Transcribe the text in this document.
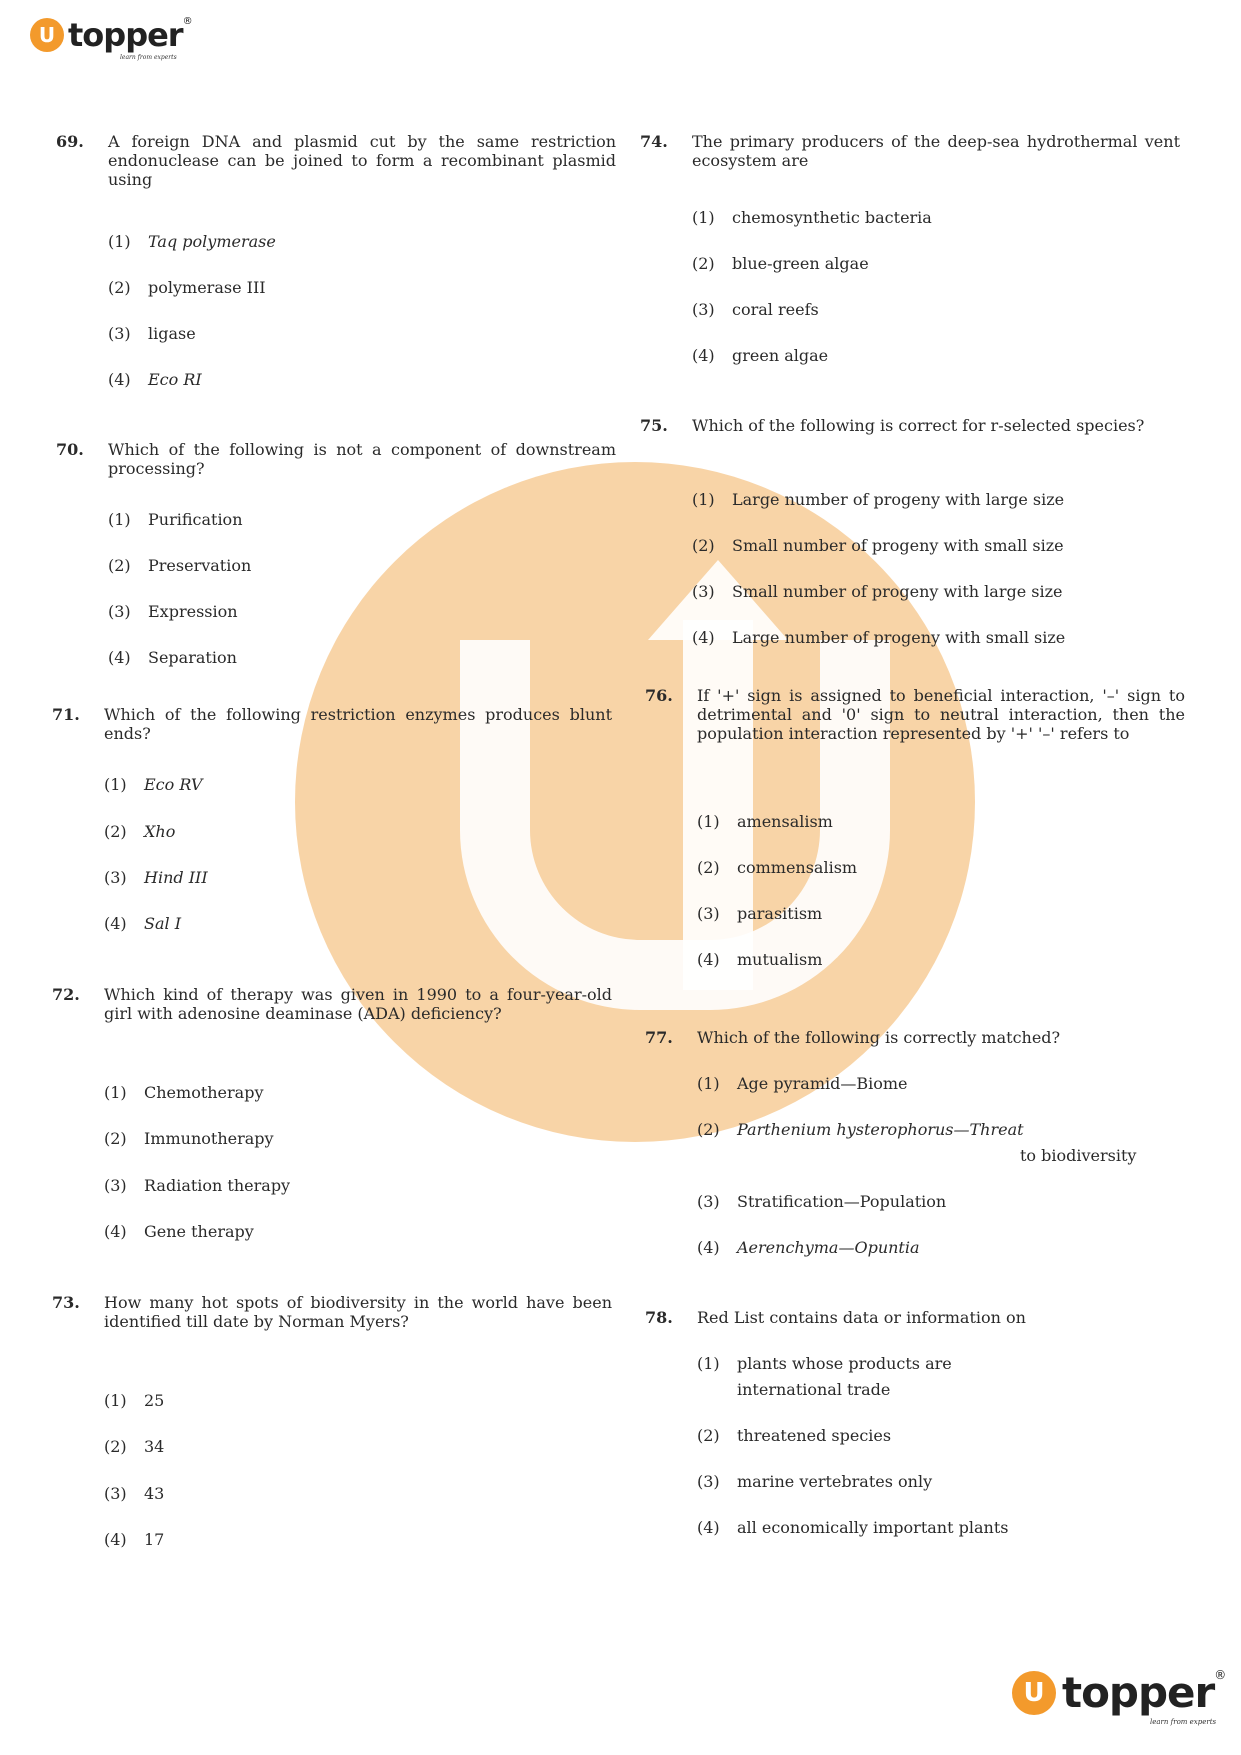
U topper ®
learn from experts
U topper ®
learn from experts
69. A foreign DNA and plasmid cut by the same restriction endonuclease can be joined to form a recombinant plasmid using
(1) Taq polymerase
(2) polymerase III
(3) ligase
(4) Eco RI
70. Which of the following is not a component of downstream processing?
(1) Purification
(2) Preservation
(3) Expression
(4) Separation
71. Which of the following restriction enzymes produces blunt ends?
(1) Eco RV
(2) Xho
(3) Hind III
(4) Sal I
72. Which kind of therapy was given in 1990 to a four-year-old girl with adenosine deaminase (ADA) deficiency?
(1) Chemotherapy
(2) Immunotherapy
(3) Radiation therapy
(4) Gene therapy
73. How many hot spots of biodiversity in the world have been identified till date by Norman Myers?
(1) 25
(2) 34
(3) 43
(4) 17
74. The primary producers of the deep-sea hydrothermal vent ecosystem are
(1) chemosynthetic bacteria
(2) blue-green algae
(3) coral reefs
(4) green algae
75. Which of the following is correct for r-selected species?
(1) Large number of progeny with large size
(2) Small number of progeny with small size
(3) Small number of progeny with large size
(4) Large number of progeny with small size
76. If '+' sign is assigned to beneficial interaction, '–' sign to detrimental and '0' sign to neutral interaction, then the population interaction represented by '+' '–' refers to
(1) amensalism
(2) commensalism
(3) parasitism
(4) mutualism
77. Which of the following is correctly matched?
(1) Age pyramid—Biome
(2) Parthenium hysterophorus—Threat
to biodiversity
(3) Stratification—Population
(4) Aerenchyma—Opuntia
78. Red List contains data or information on
(1) plants whose products are
international trade
(2) threatened species
(3) marine vertebrates only
(4) all economically important plants
